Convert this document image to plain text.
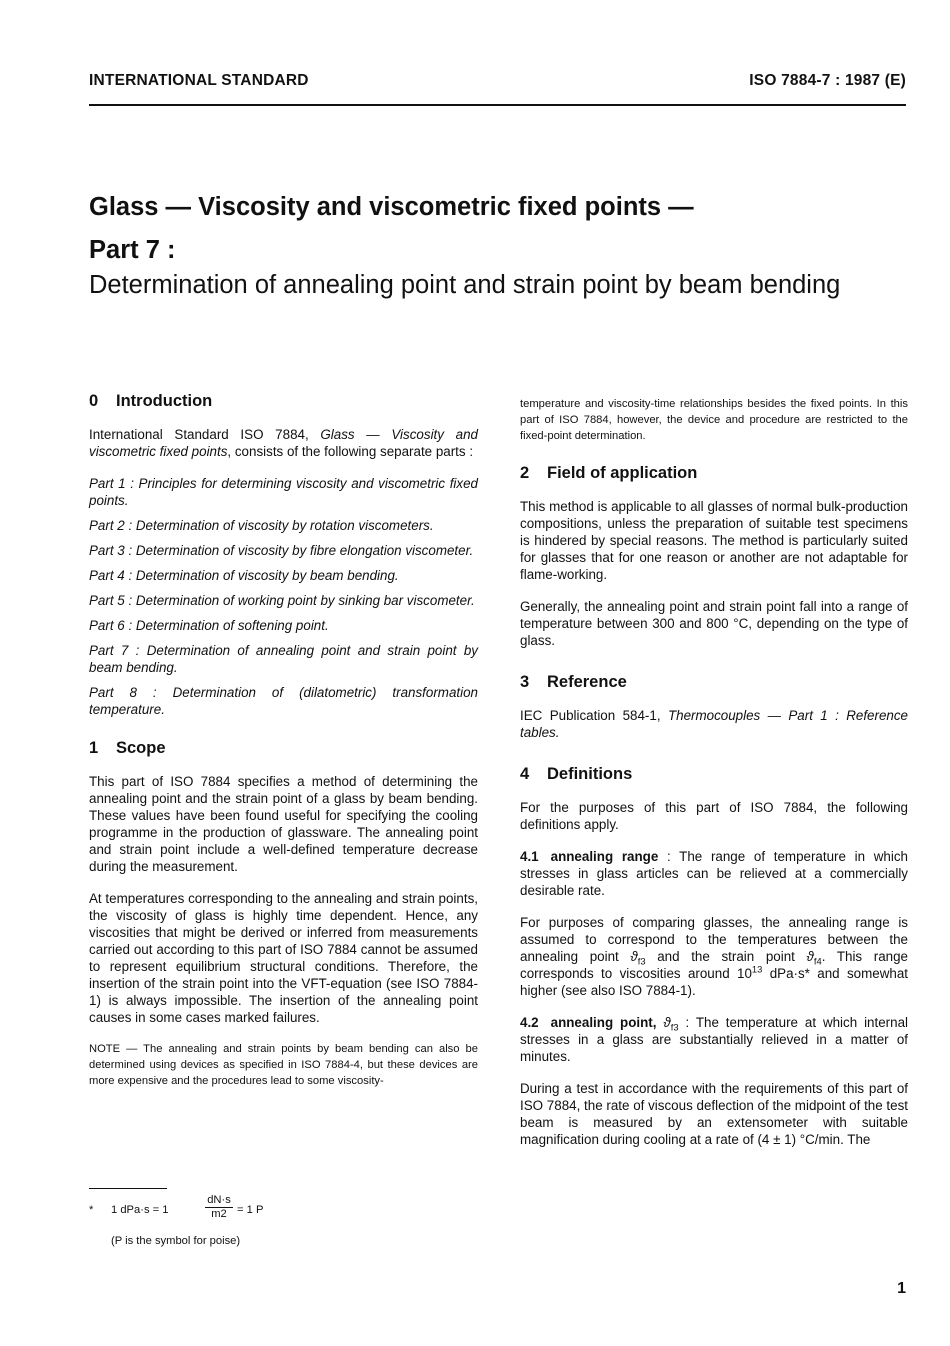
INTERNATIONAL STANDARD	ISO 7884-7 : 1987 (E)

Glass — Viscosity and viscometric fixed points —

Part 7 :

Determination of annealing point and strain point by beam bending

0 Introduction

International Standard ISO 7884, Glass — Viscosity and viscometric fixed points, consists of the following separate parts :

Part 1 : Principles for determining viscosity and viscometric fixed points.

Part 2 : Determination of viscosity by rotation viscometers.

Part 3 : Determination of viscosity by fibre elongation viscometer.

Part 4 : Determination of viscosity by beam bending.

Part 5 : Determination of working point by sinking bar viscometer.

Part 6 : Determination of softening point.

Part 7 : Determination of annealing point and strain point by beam bending.

Part 8 : Determination of (dilatometric) transformation temperature.

1 Scope

This part of ISO 7884 specifies a method of determining the annealing point and the strain point of a glass by beam bending. These values have been found useful for specifying the cooling programme in the production of glassware. The annealing point and strain point include a well-defined temperature decrease during the measurement.

At temperatures corresponding to the annealing and strain points, the viscosity of glass is highly time dependent. Hence, any viscosities that might be derived or inferred from measurements carried out according to this part of ISO 7884 cannot be assumed to represent equilibrium structural conditions. Therefore, the insertion of the strain point into the VFT-equation (see ISO 7884-1) is always impossible. The insertion of the annealing point causes in some cases marked failures.

NOTE — The annealing and strain points by beam bending can also be determined using devices as specified in ISO 7884-4, but these devices are more expensive and the procedures lead to some viscosity-

temperature and viscosity-time relationships besides the fixed points. In this part of ISO 7884, however, the device and procedure are restricted to the fixed-point determination.

2 Field of application

This method is applicable to all glasses of normal bulk-production compositions, unless the preparation of suitable test specimens is hindered by special reasons. The method is particularly suited for glasses that for one reason or another are not adaptable for flame-working.

Generally, the annealing point and strain point fall into a range of temperature between 300 and 800 °C, depending on the type of glass.

3 Reference

IEC Publication 584-1, Thermocouples — Part 1 : Reference tables.

4 Definitions

For the purposes of this part of ISO 7884, the following definitions apply.

4.1 annealing range : The range of temperature in which stresses in glass articles can be relieved at a commercially desirable rate.

For purposes of comparing glasses, the annealing range is assumed to correspond to the temperatures between the annealing point $ϑ_{f3}$ and the strain point $ϑ_{f4}$. This range corresponds to viscosities around $10^{13}$ dPa·s* and somewhat higher (see also ISO 7884-1).

4.2 annealing point, $ϑ_{f3}$ : The temperature at which internal stresses in a glass are substantially relieved in a matter of minutes.

During a test in accordance with the requirements of this part of ISO 7884, the rate of viscous deflection of the midpoint of the test beam is measured by an extensometer with suitable magnification during cooling at a rate of (4 ± 1) °C/min. The

* 1 dPa·s = 1	$\frac{dN\cdot s}{m2} = 1$ P
(P is the symbol for poise)
1
